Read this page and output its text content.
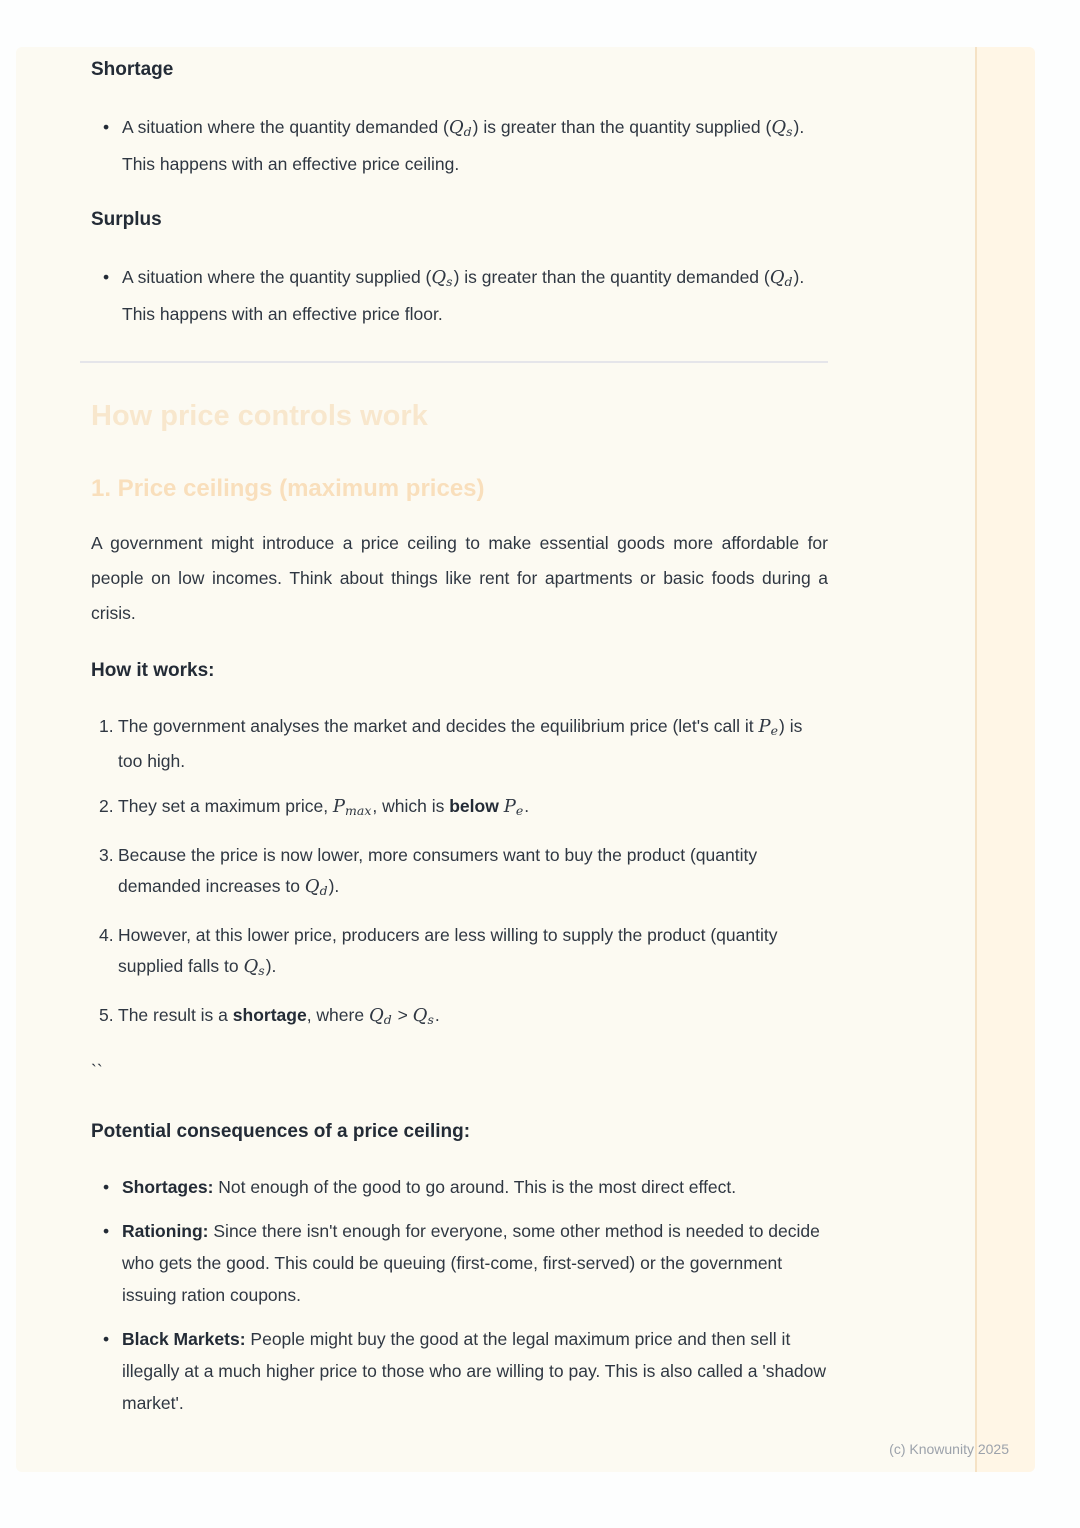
Shortage
• A situation where the quantity demanded (Qd) is greater than the quantity supplied (Qs). This happens with an effective price ceiling.
Surplus
• A situation where the quantity supplied (Qs) is greater than the quantity demanded (Qd). This happens with an effective price floor.
How price controls work
1. Price ceilings (maximum prices)

A government might introduce a price ceiling to make essential goods more affordable for people on low incomes. Think about things like rent for apartments or basic foods during a crisis.

How it works:
1. The government analyses the market and decides the equilibrium price (let's call it Pe) is too high.
2. They set a maximum price, Pmax, which is below Pe.
3. Because the price is now lower, more consumers want to buy the product (quantity demanded increases to Qd).
4. However, at this lower price, producers are less willing to supply the product (quantity supplied falls to Qs).
5. The result is a shortage, where Qd > Qs.
``
Potential consequences of a price ceiling:
• Shortages: Not enough of the good to go around. This is the most direct effect.
• Rationing: Since there isn't enough for everyone, some other method is needed to decide who gets the good. This could be queuing (first-come, first-served) or the government issuing ration coupons.
• Black Markets: People might buy the good at the legal maximum price and then sell it illegally at a much higher price to those who are willing to pay. This is also called a 'shadow market'.
(c) Knowunity 2025
